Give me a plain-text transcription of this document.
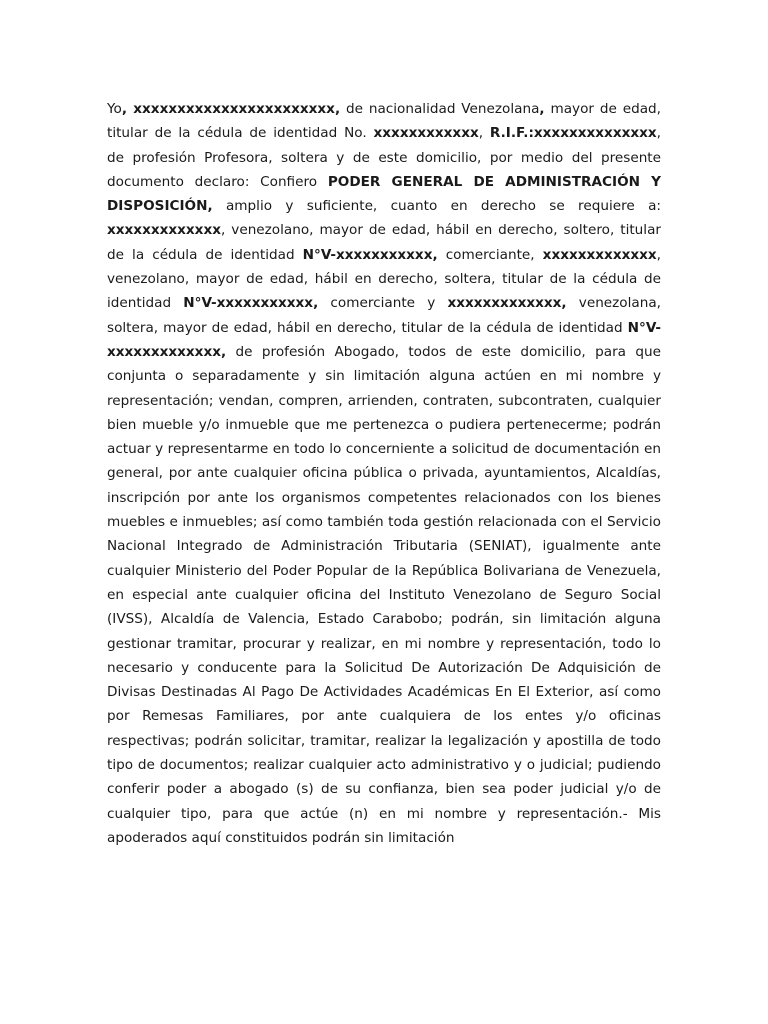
Yo, xxxxxxxxxxxxxxxxxxxxxxx, de nacionalidad Venezolana, mayor de edad, titular de la cédula de identidad No. xxxxxxxxxxxx, R.I.F.:xxxxxxxxxxxxxx, de profesión Profesora, soltera y de este domicilio, por medio del presente documento declaro: Confiero PODER GENERAL DE ADMINISTRACIÓN Y DISPOSICIÓN, amplio y suficiente, cuanto en derecho se requiere a: xxxxxxxxxxxxx, venezolano, mayor de edad, hábil en derecho, soltero, titular de la cédula de identidad N°V-xxxxxxxxxxx, comerciante, xxxxxxxxxxxxx, venezolano, mayor de edad, hábil en derecho, soltera, titular de la cédula de identidad N°V-xxxxxxxxxxx, comerciante y xxxxxxxxxxxxx, venezolana, soltera, mayor de edad, hábil en derecho, titular de la cédula de identidad N°V-xxxxxxxxxxxxx, de profesión Abogado, todos de este domicilio, para que conjunta o separadamente y sin limitación alguna actúen en mi nombre y representación; vendan, compren, arrienden, contraten, subcontraten, cualquier bien mueble y/o inmueble que me pertenezca o pudiera pertenecerme; podrán actuar y representarme en todo lo concerniente a solicitud de documentación en general, por ante cualquier oficina pública o privada, ayuntamientos, Alcaldías, inscripción por ante los organismos competentes relacionados con los bienes muebles e inmuebles; así como también toda gestión relacionada con el Servicio Nacional Integrado de Administración Tributaria (SENIAT), igualmente ante cualquier Ministerio del Poder Popular de la República Bolivariana de Venezuela, en especial ante cualquier oficina del Instituto Venezolano de Seguro Social (IVSS), Alcaldía de Valencia, Estado Carabobo; podrán, sin limitación alguna gestionar tramitar, procurar y realizar, en mi nombre y representación, todo lo necesario y conducente para la Solicitud De Autorización De Adquisición de Divisas Destinadas Al Pago De Actividades Académicas En El Exterior, así como por Remesas Familiares, por ante cualquiera de los entes y/o oficinas respectivas; podrán solicitar, tramitar, realizar la legalización y apostilla de todo tipo de documentos; realizar cualquier acto administrativo y o judicial; pudiendo conferir poder a abogado (s) de su confianza, bien sea poder judicial y/o de cualquier tipo, para que actúe (n) en mi nombre y representación.- Mis apoderados aquí constituidos podrán sin limitación
